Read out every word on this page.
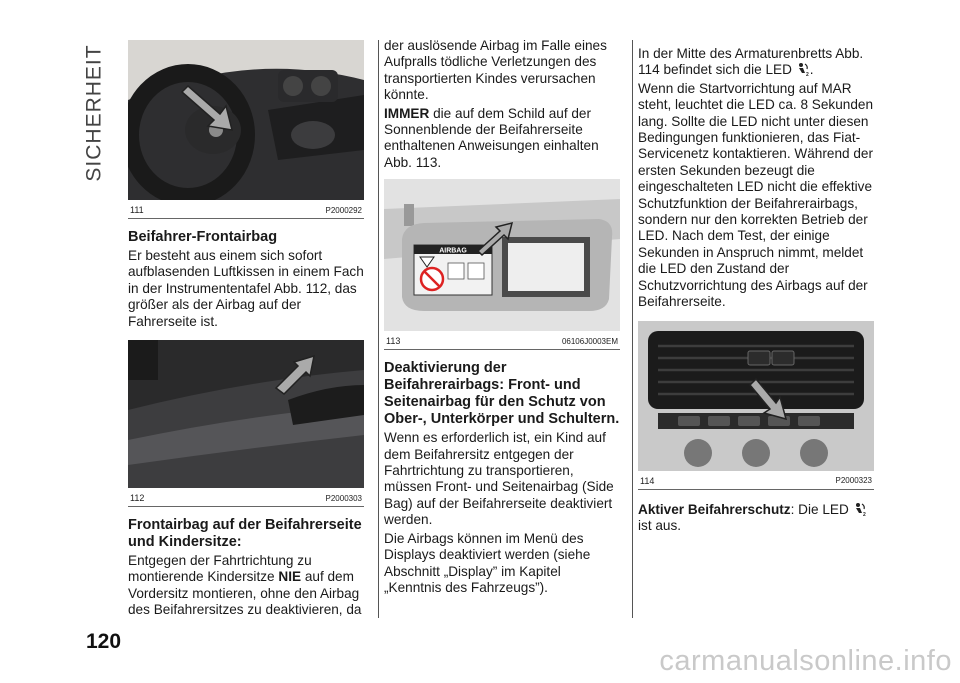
SICHERHEIT
111	P2000292
Beifahrer-Frontairbag

Er besteht aus einem sich sofort aufblasenden Luftkissen in einem Fach in der Instrumententafel Abb. 112, das größer als der Airbag auf der Fahrerseite ist.

112	P2000303
Frontairbag auf der Beifahrerseite und Kindersitze:

Entgegen der Fahrtrichtung zu montierende Kindersitze NIE auf dem Vordersitz montieren, ohne den Airbag des Beifahrersitzes zu deaktivieren, da

der auslösende Airbag im Falle eines Aufpralls tödliche Verletzungen des transportierten Kindes verursachen könnte.

IMMER die auf dem Schild auf der Sonnenblende der Beifahrerseite enthaltenen Anweisungen einhalten Abb. 113.

AIRBAG
113	06106J0003EM
Deaktivierung der Beifahrerairbags: Front- und Seitenairbag für den Schutz von Ober-, Unterkörper und Schultern.

Wenn es erforderlich ist, ein Kind auf dem Beifahrersitz entgegen der Fahrtrichtung zu transportieren, müssen Front- und Seitenairbag (Side Bag) auf der Beifahrerseite deaktiviert werden.

Die Airbags können im Menü des Displays deaktiviert werden (siehe Abschnitt „Display” im Kapitel „Kenntnis des Fahrzeugs”).

In der Mitte des Armaturenbretts Abb. 114 befindet sich die LED 2 .

Wenn die Startvorrichtung auf MAR steht, leuchtet die LED ca. 8 Sekunden lang. Sollte die LED nicht unter diesen Bedingungen funktionieren, das Fiat-Servicenetz kontaktieren. Während der ersten Sekunden bezeugt die eingeschalteten LED nicht die effektive Schutzfunktion der Beifahrerairbags, sondern nur den korrekten Betrieb der LED. Nach dem Test, der einige Sekunden in Anspruch nimmt, meldet die LED den Zustand der Schutzvorrichtung des Airbags auf der Beifahrerseite.

114	P2000323

Aktiver Beifahrerschutz: Die LED 2

ist aus.

120
carmanualsonline.info
